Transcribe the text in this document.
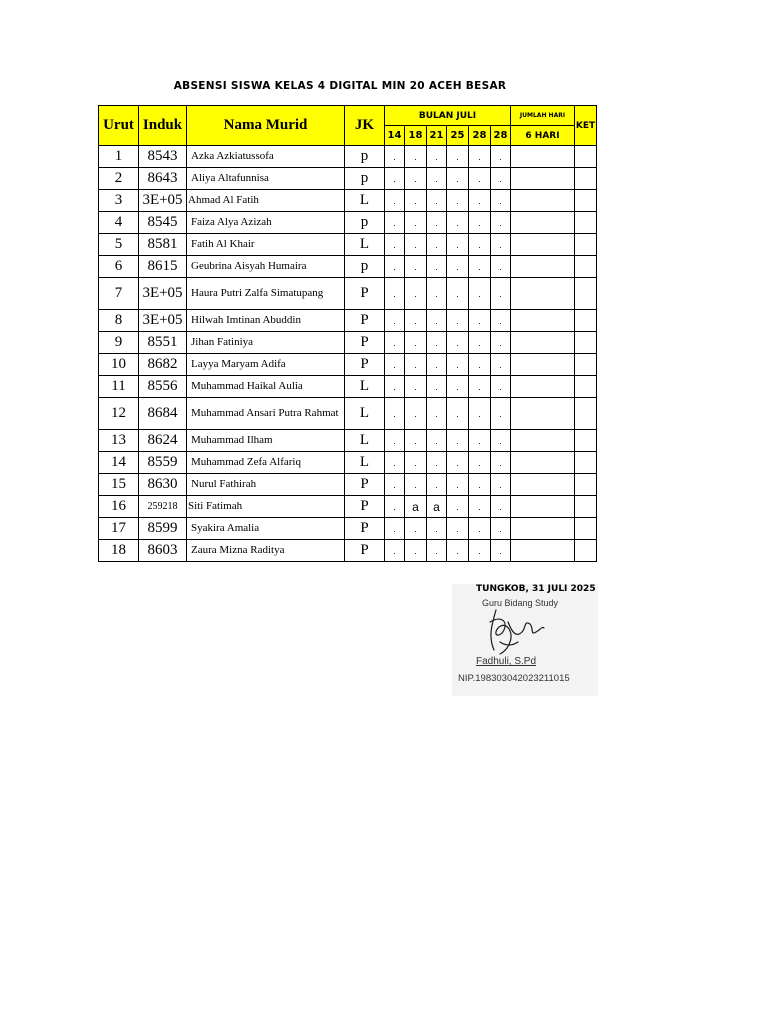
ABSENSI SISWA KELAS 4 DIGITAL MIN 20 ACEH BESAR
Urut	Induk	Nama Murid	JK	BULAN JULI						JUMLAH HARI	KET
				14	18	21	25	28	28	6 HARI	
1	8543	Azka Azkiatussofa	p	.	.	.	.	.	.		
2	8643	Aliya Altafunnisa	p	.	.	.	.	.	.		
3	3E+05	Ahmad Al Fatih	L	.	.	.	.	.	.		
4	8545	Faiza Alya Azizah	p	.	.	.	.	.	.		
5	8581	Fatih Al Khair	L	.	.	.	.	.	.		
6	8615	Geubrina Aisyah Humaira	p	.	.	.	.	.	.		
7	3E+05	Haura Putri Zalfa Simatupang	P	.	.	.	.	.	.		
8	3E+05	Hilwah Imtinan Abuddin	P	.	.	.	.	.	.		
9	8551	Jihan Fatiniya	P	.	.	.	.	.	.		
10	8682	Layya Maryam Adifa	P	.	.	.	.	.	.		
11	8556	Muhammad Haikal Aulia	L	.	.	.	.	.	.		
12	8684	Muhammad Ansari Putra Rahmat	L	.	.	.	.	.	.		
13	8624	Muhammad Ilham	L	.	.	.	.	.	.		
14	8559	Muhammad Zefa Alfariq	L	.	.	.	.	.	.		
15	8630	Nurul Fathirah	P	.	.	.	.	.	.		
16	259218	Siti Fatimah	P	.	a	a	.	.	.		
17	8599	Syakira Amalia	P	.	.	.	.	.	.		
18	8603	Zaura Mizna Raditya	P	.	.	.	.	.	.		
TUNGKOB, 31 JULI 2025
Guru Bidang Study
Fadhuli, S.Pd
NIP.198303042023211015
